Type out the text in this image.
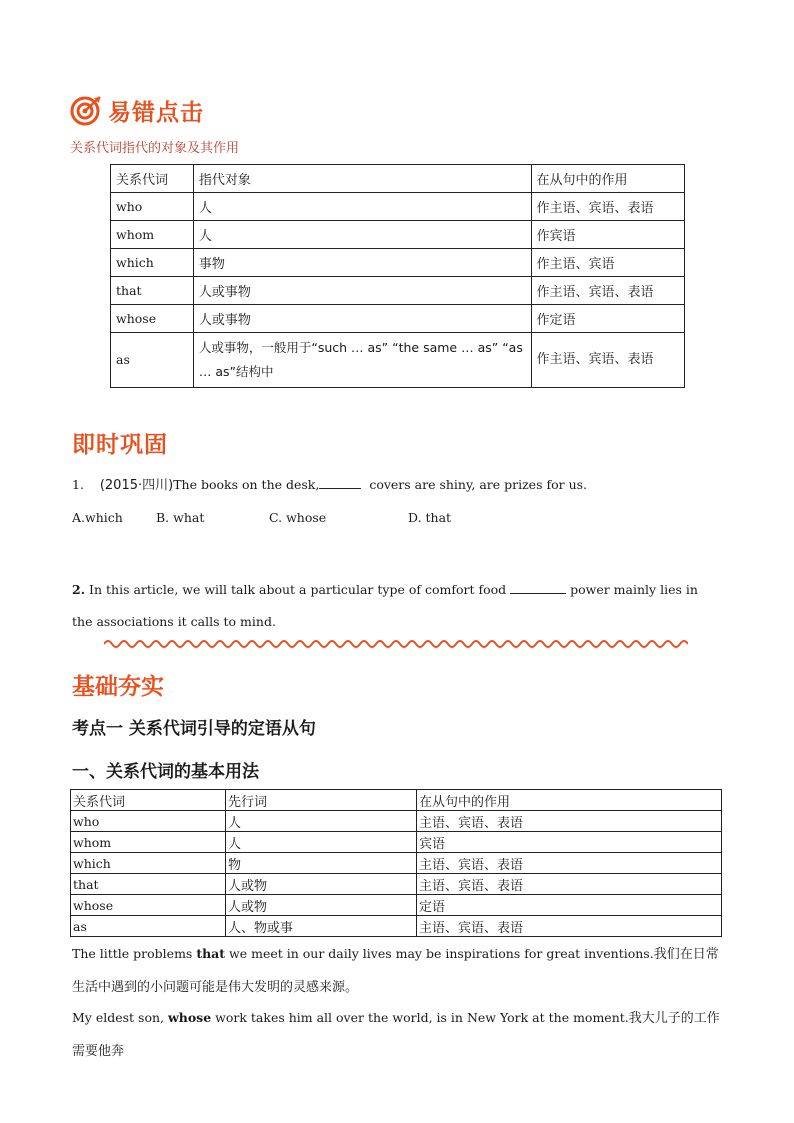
易错点击
关系代词指代的对象及其作用
关系代词	指代对象	在从句中的作用
who	人	作主语、宾语、表语
whom	人	作宾语
which	事物	作主语、宾语
that	人或事物	作主语、宾语、表语
whose	人或事物	作定语
as	人或事物，一般用于“such … as” “the same … as” “as … as”结构中	作主语、宾语、表语
即时巩固
1. (2015·四川)The books on the desk,	covers are shiny, are prizes for us.
A.which	B. what	C. whose	D. that
2. In this article, we will talk about a particular type of comfort food	power mainly lies in the associations it calls to mind.
基础夯实
考点一 关系代词引导的定语从句
一、关系代词的基本用法
关系代词	先行词	在从句中的作用
who	人	主语、宾语、表语
whom	人	宾语
which	物	主语、宾语、表语
that	人或物	主语、宾语、表语
whose	人或物	定语
as	人、物或事	主语、宾语、表语
The little problems that we meet in our daily lives may be inspirations for great inventions.我们在日常生活中遇到的小问题可能是伟大发明的灵感来源。
My eldest son, whose work takes him all over the world, is in New York at the moment.我大儿子的工作需要他奔
